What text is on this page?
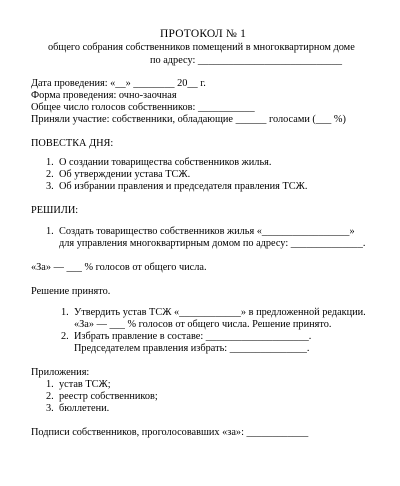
ПРОТОКОЛ № 1
общего собрания собственников помещений в многоквартирном доме
по адресу: ____________________________
Дата проведения: «__» ________ 20__ г.
Форма проведения: очно-заочная
Общее число голосов собственников: ___________
Приняли участие: собственники, обладающие ______ голосами (___ %)
ПОВЕСТКА ДНЯ:
1. О создании товарищества собственников жилья.
2. Об утверждении устава ТСЖ.
3. Об избрании правления и председателя правления ТСЖ.
РЕШИЛИ:
1. Создать товарищество собственников жилья «_________________»
для управления многоквартирным домом по адресу: ______________.
«За» — ___ % голосов от общего числа.
Решение принято.
1. Утвердить устав ТСЖ «____________» в предложенной редакции.
«За» — ___ % голосов от общего числа. Решение принято.
2. Избрать правление в составе: ____________________.
Председателем правления избрать: _______________.
Приложения:
1. устав ТСЖ;
2. реестр собственников;
3. бюллетени.
Подписи собственников, проголосовавших «за»: ____________
